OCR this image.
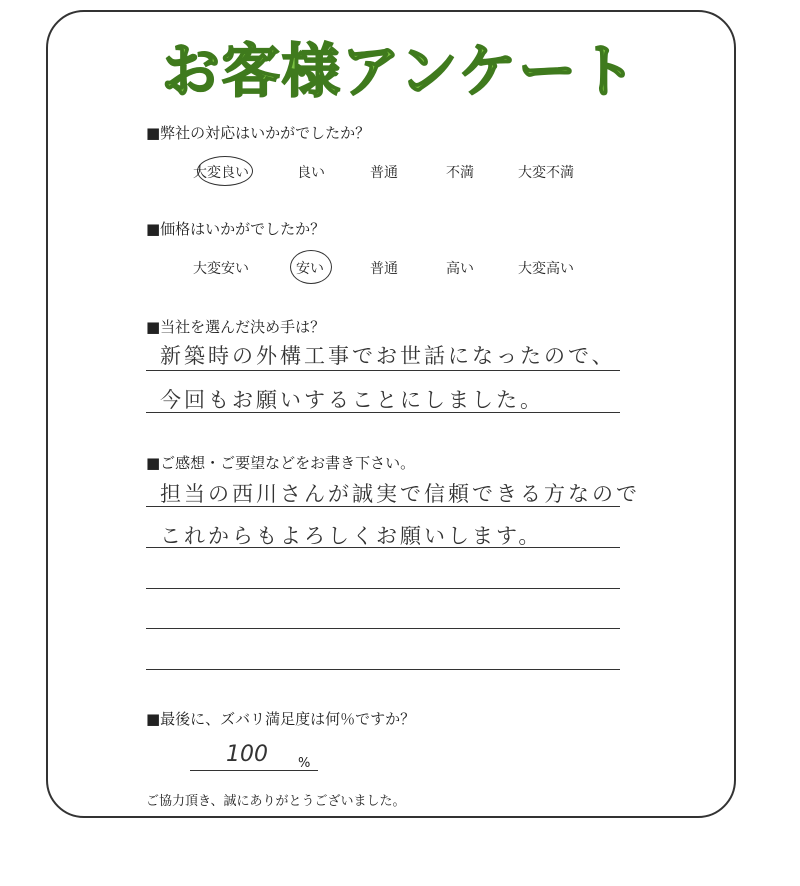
お客様アンケート
■弊社の対応はいかがでしたか？
大変良い	良い	普通	不満	大変不満
■価格はいかがでしたか？
大変安い	安い	普通	高い	大変高い
■当社を選んだ決め手は？
新築時の外構工事でお世話になったので、
今回もお願いすることにしました。
■ご感想・ご要望などをお書き下さい。
担当の西川さんが誠実で信頼できる方なので
これからもよろしくお願いします。
■最後に、ズバリ満足度は何％ですか？
100 %
ご協力頂き、誠にありがとうございました。
